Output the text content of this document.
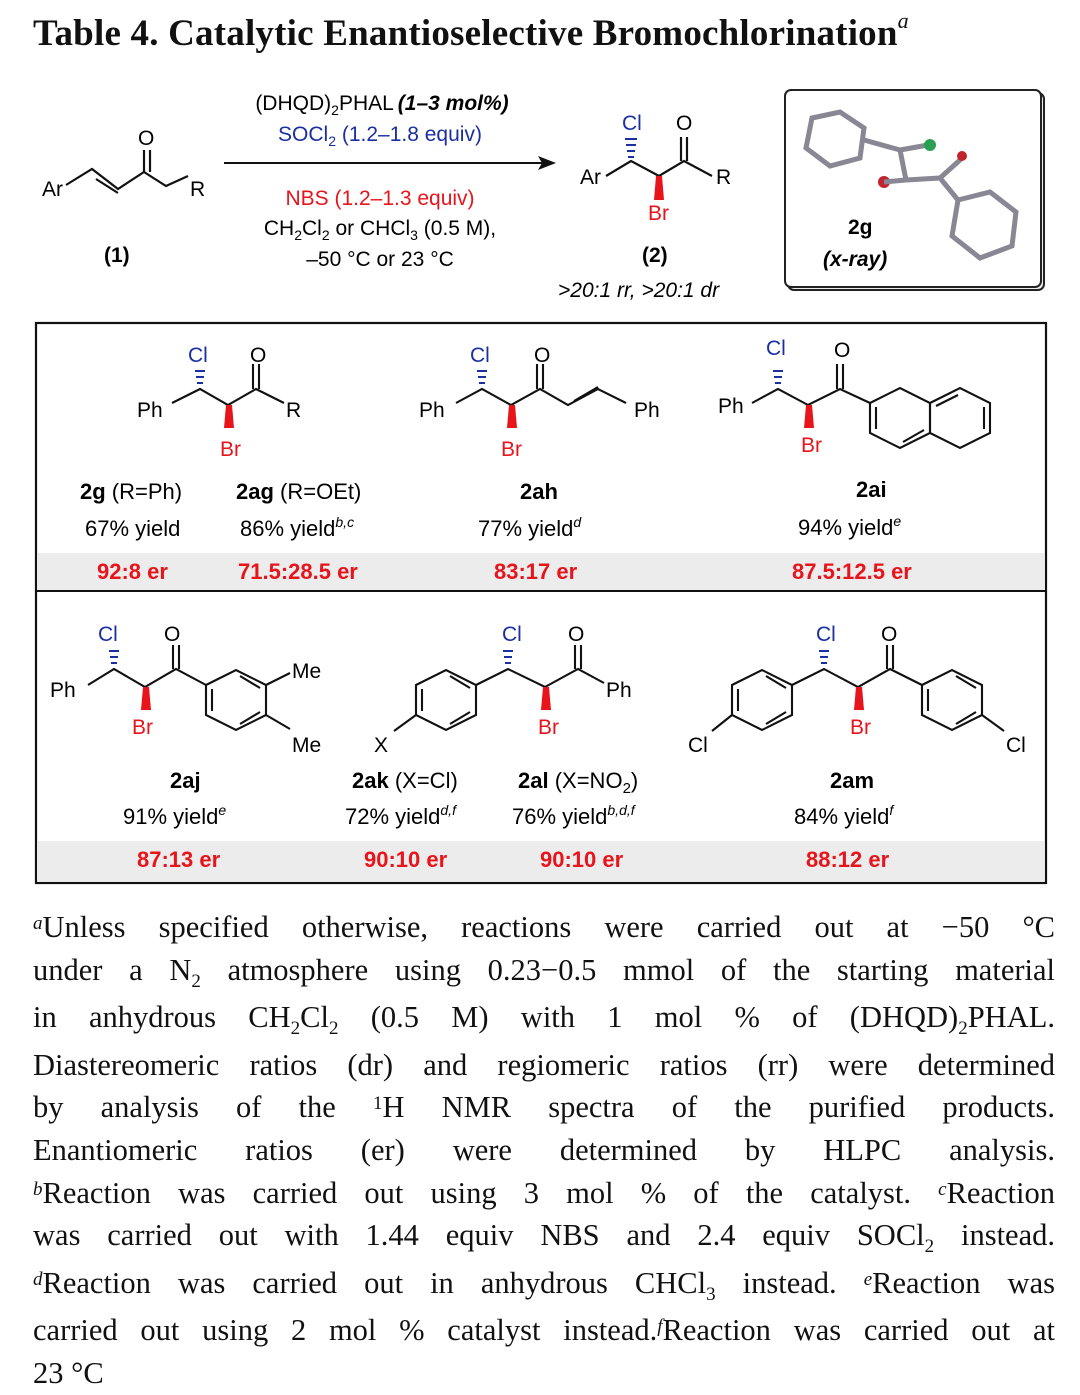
Table 4. Catalytic Enantioselective Bromochlorination$^a$
Ar
O
R
(1)
$(DHQD)_2PHAL$ (1–3 mol%)
SOCl$_2$ (1.2–1.8 equiv)
NBS (1.2–1.3 equiv)
$CH_2Cl_2$ or CHCl$_3$ (0.5 M),
–50 °C or 23 °C
Cl O
Ar	R
Br
(2)
>20:1 rr, >20:1 dr
2g
(x-ray)
Cl O
Ph	R
Br
Cl O
Ph	Ph
Br
Cl O
Ph
Br
Cl O
Ph
Me
Me
Br
Cl O
Ph
X
Br
Cl O
Cl	Cl
Br
2g (R=Ph)
67% yield
92:8 er
2ag (R=OEt)
86% yield$^{b,c}$
71.5:28.5 er
2ah
77% yield$^d$
83:17 er
2ai
94% yield$^e$
87.5:12.5 er
2aj
91% yield$^e$
87:13 er
2ak (X=Cl)
72% yield$^{d,f}$
90:10 er
2al $(X=NO_2)$
76% yield$^{b,d,f}$
90:10 er
2am
84% yield$^f$
88:12 er
$^a$Unless specified otherwise, reactions were carried out at −50 °C
under a $N_2$ atmosphere using 0.23−0.5 mmol of the starting material
in anhydrous $CH_2Cl_2$ (0.5 M) with 1 mol % of $(DHQD)_2PHAL$.
Diastereomeric ratios (dr) and regiomeric ratios (rr) were determined
by analysis of the $^1$H NMR spectra of the purified products.
Enantiomeric ratios (er) were determined by HLPC analysis.
$^b$Reaction was carried out using 3 mol % of the catalyst. $^c$Reaction
was carried out with 1.44 equiv NBS and 2.4 equiv SOCl$_2$ instead.
$^d$Reaction was carried out in anhydrous CHCl$_3$ instead. $^e$Reaction was
carried out using 2 mol % catalyst instead.$^f$Reaction was carried out at
23 °C
